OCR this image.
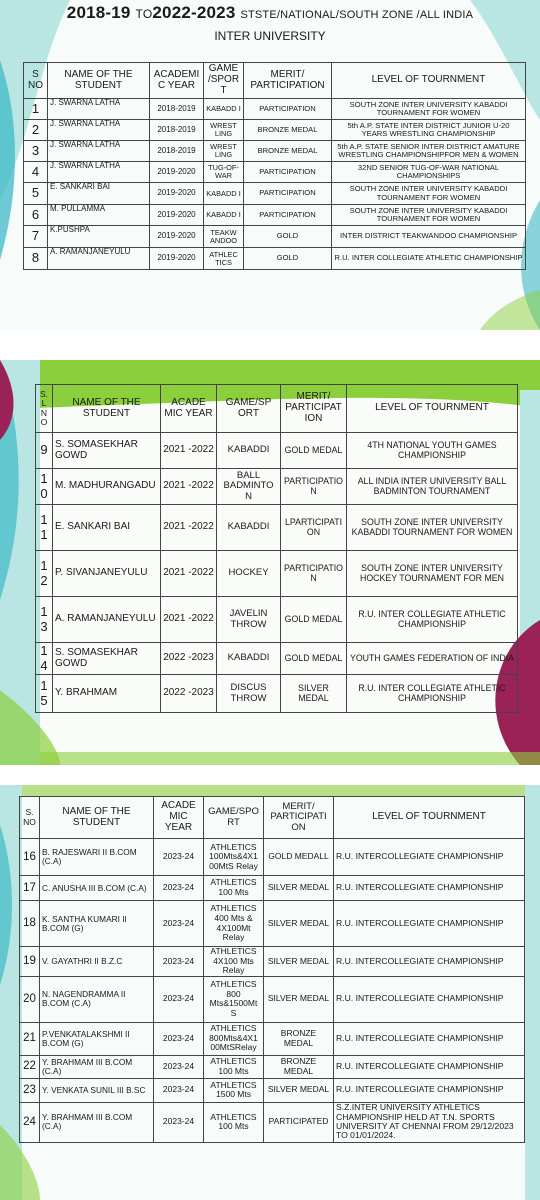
2018-19 TO2022-2023 STSTE/NATIONAL/SOUTH ZONE /ALL INDIA
INTER UNIVERSITY
S NO	NAME OF THE STUDENT	ACADEMI C YEAR	GAME /SPOR T	MERIT/ PARTICIPATION	LEVEL OF TOURNMENT
1	J. SWARNA LATHA	2018-2019	KABADD I	PARTICIPATION	SOUTH ZONE INTER UNIVERSITY KABADDI TOURNAMENT FOR WOMEN
2	J. SWARNA LATHA	2018-2019	WREST LING	BRONZE MEDAL	5th A.P. STATE INTER DISTRICT JUNIOR U-20 YEARS WRESTLING CHAMPIONSHIP
3	J. SWARNA LATHA	2018-2019	WREST LING	BRONZE MEDAL	5th A.P. STATE SENIOR INTER DISTRICT AMATURE WRESTLING CHAMPIONSHIPFOR MEN & WOMEN
4	J. SWARNA LATHA	2019-2020	TUG-OF- WAR	PARTICIPATION	32ND SENIOR TUG-OF-WAR NATIONAL CHAMPIONSHIPS
5	E. SANKARI BAI	2019-2020	KABADD I	PARTICIPATION	SOUTH ZONE INTER UNIVERSITY KABADDI TOURNAMENT FOR WOMEN
6	M. PULLAMMA	2019-2020	KABADD I	PARTICIPATION	SOUTH ZONE INTER UNIVERSITY KABADDI TOURNAMENT FOR WOMEN
7	K.PUSHPA	2019-2020	TEAKW ANDOO	GOLD	INTER DISTRICT TEAKWANDOO CHAMPIONSHIP
8	A. RAMANJANEYULU	2019-2020	ATHLEC TICS	GOLD	R.U. INTER COLLEGIATE ATHLETIC CHAMPIONSHIP
S. L N O	NAME OF THE STUDENT	ACADE MIC YEAR	GAME/SP ORT	MERIT/ PARTICIPAT ION	LEVEL OF TOURNMENT
9	S. SOMASEKHAR GOWD	2021 -2022	KABADDI	GOLD MEDAL	4TH NATIONAL YOUTH GAMES CHAMPIONSHIP
1 0	M. MADHURANGADU	2021 -2022	BALL BADMINTO N	PARTICIPATIO N	ALL INDIA INTER UNIVERSITY BALL BADMINTON TOURNAMENT
1 1	E. SANKARI BAI	2021 -2022	KABADDI	LPARTICIPATI ON	SOUTH ZONE INTER UNIVERSITY KABADDI TOURNAMENT FOR WOMEN
1 2	P. SIVANJANEYULU	2021 -2022	HOCKEY	PARTICIPATIO N	SOUTH ZONE INTER UNIVERSITY HOCKEY TOURNAMENT FOR MEN
1 3	A. RAMANJANEYULU	2021 -2022	JAVELIN THROW	GOLD MEDAL	R.U. INTER COLLEGIATE ATHLETIC CHAMPIONSHIP
1 4	S. SOMASEKHAR GOWD	2022 -2023	KABADDI	GOLD MEDAL	YOUTH GAMES FEDERATION OF INDIA
1 5	Y. BRAHMAM	2022 -2023	DISCUS THROW	SILVER MEDAL	R.U. INTER COLLEGIATE ATHLETIC CHAMPIONSHIP
S. NO	NAME OF THE STUDENT	ACADE MIC YEAR	GAME/SPO RT	MERIT/ PARTICIPATI ON	LEVEL OF TOURNMENT
16	B. RAJESWARI II B.COM (C.A)	2023-24	ATHLETICS 100Mts&4X1 00MtS Relay	GOLD MEDALL	R.U. INTERCOLLEGIATE CHAMPIONSHIP
17	C. ANUSHA III B.COM (C.A)	2023-24	ATHLETICS 100 Mts	SILVER MEDAL	R.U. INTERCOLLEGIATE CHAMPIONSHIP
18	K. SANTHA KUMARI II B.COM (G)	2023-24	ATHLETICS 400 Mts & 4X100Mt Relay	SILVER MEDAL	R.U. INTERCOLLEGIATE CHAMPIONSHIP
19	V. GAYATHRI II B.Z.C	2023-24	ATHLETICS 4X100 Mts Relay	SILVER MEDAL	R.U. INTERCOLLEGIATE CHAMPIONSHIP
20	N. NAGENDRAMMA II B.COM (C.A)	2023-24	ATHLETICS 800 Mts&1500Mt S	SILVER MEDAL	R.U. INTERCOLLEGIATE CHAMPIONSHIP
21	P.VENKATALAKSHMI II B.COM (G)	2023-24	ATHLETICS 800Mts&4X1 00MtSRelay	BRONZE MEDAL	R.U. INTERCOLLEGIATE CHAMPIONSHIP
22	Y. BRAHMAM III B.COM (C.A)	2023-24	ATHLETICS 100 Mts	BRONZE MEDAL	R.U. INTERCOLLEGIATE CHAMPIONSHIP
23	Y. VENKATA SUNIL III B.SC	2023-24	ATHLETICS 1500 Mts	SILVER MEDAL	R.U. INTERCOLLEGIATE CHAMPIONSHIP
24	Y. BRAHMAM III B.COM (C.A)	2023-24	ATHLETICS 100 Mts	PARTICIPATED	S.Z.INTER UNIVERSITY ATHLETICS CHAMPIONSHIP HELD AT T.N. SPORTS UNIVERSITY AT CHENNAI FROM 29/12/2023 TO 01/01/2024.
